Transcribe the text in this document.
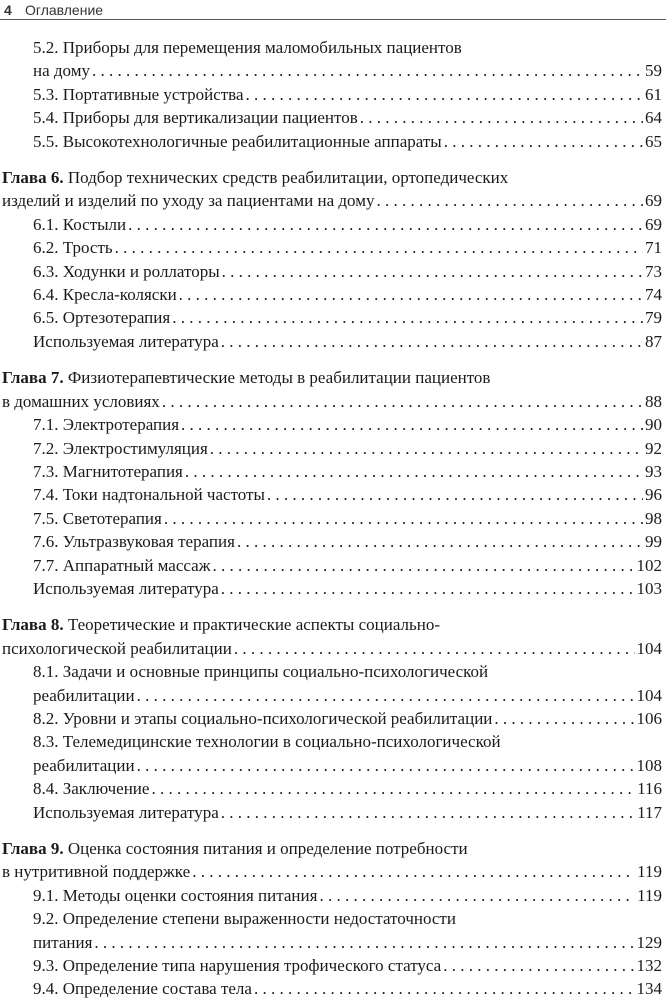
4 Оглавление
5.2. Приборы для перемещения маломобильных пациентов
на дому . . .	59
5.3. Портативные устройства . . .	61
5.4. Приборы для вертикализации пациентов . . .	64
5.5. Высокотехнологичные реабилитационные аппараты . . .	65
Глава 6. Подбор технических средств реабилитации, ортопедических
изделий и изделий по уходу за пациентами на дому . . .	69
6.1. Костыли . . .	69
6.2. Трость . . .	71
6.3. Ходунки и роллаторы . . .	73
6.4. Кресла-коляски . . .	74
6.5. Ортезотерапия . . .	79
Используемая литература . . .	87
Глава 7. Физиотерапевтические методы в реабилитации пациентов
в домашних условиях . . .	88
7.1. Электротерапия . . .	90
7.2. Электростимуляция . . .	92
7.3. Магнитотерапия . . .	93
7.4. Токи надтональной частоты . . .	96
7.5. Светотерапия . . .	98
7.6. Ультразвуковая терапия . . .	99
7.7. Аппаратный массаж . . .	102
Используемая литература . . .	103
Глава 8. Теоретические и практические аспекты социально-
психологической реабилитации . . .	104
8.1. Задачи и основные принципы социально-психологической
реабилитации . . .	104
8.2. Уровни и этапы социально-психологической реабилитации . . .	106
8.3. Телемедицинские технологии в социально-психологической
реабилитации . . .	108
8.4. Заключение . . .	116
Используемая литература . . .	117
Глава 9. Оценка состояния питания и определение потребности
в нутритивной поддержке . . .	119
9.1. Методы оценки состояния питания . . .	119
9.2. Определение степени выраженности недостаточности
питания . . .	129
9.3. Определение типа нарушения трофического статуса . . .	132
9.4. Определение состава тела . . .	134
